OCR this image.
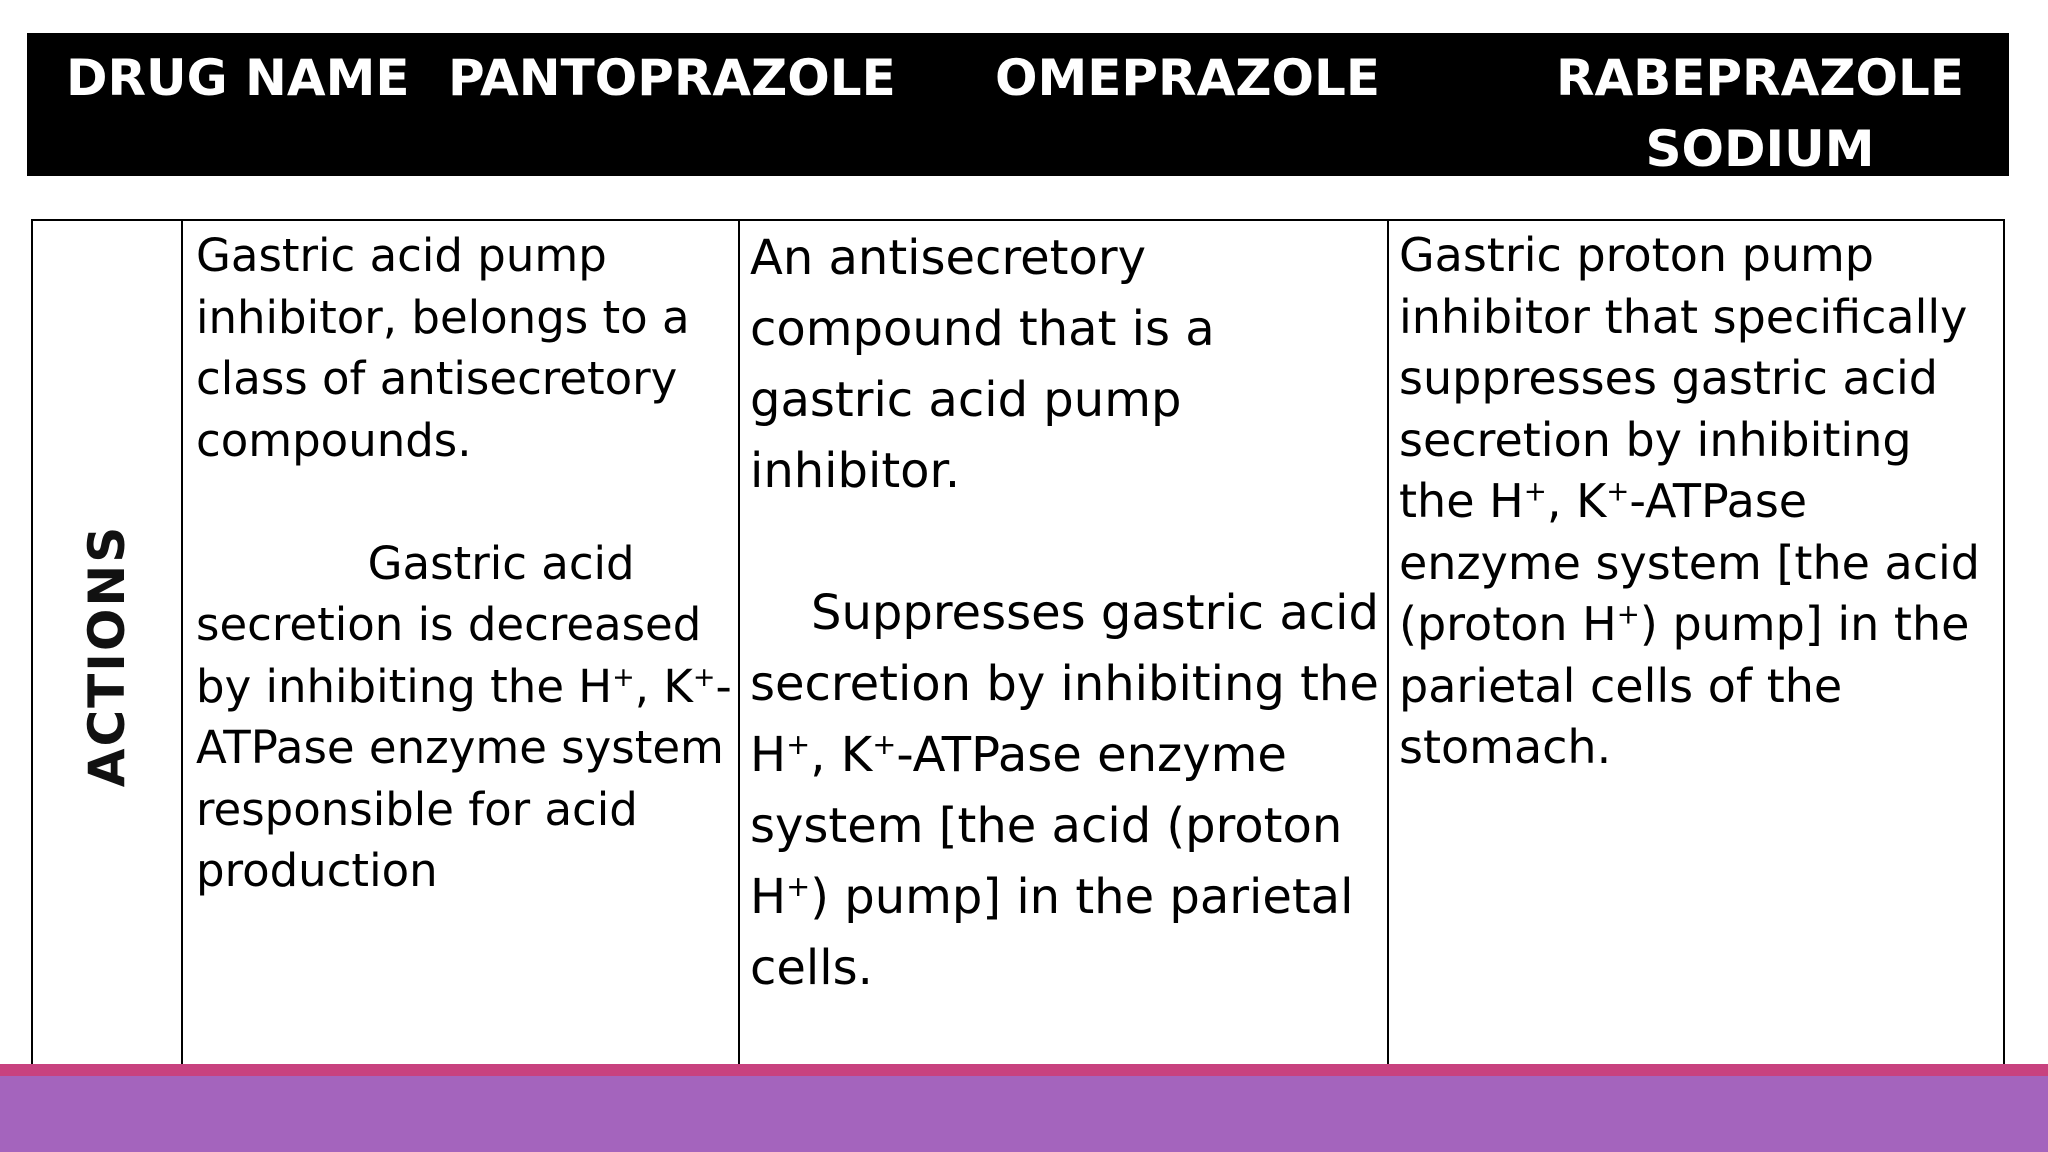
DRUG NAME PANTOPRAZOLE OMEPRAZOLE	RABEPRAZOLE
SODIUM
ACTIONS
Gastric acid pump inhibitor, belongs to a class of antisecretory compounds.

Gastric acid secretion is decreased by inhibiting the H+, K+-ATPase enzyme system responsible for acid production
An antisecretory compound that is a gastric acid pump inhibitor.

Suppresses gastric acid secretion by inhibiting the H+, K+-ATPase enzyme system [the acid (proton H+) pump] in the parietal cells.
Gastric proton pump inhibitor that specifically suppresses gastric acid secretion by inhibiting the H+, K+-ATPase enzyme system [the acid (proton H+) pump] in the parietal cells of the stomach.
